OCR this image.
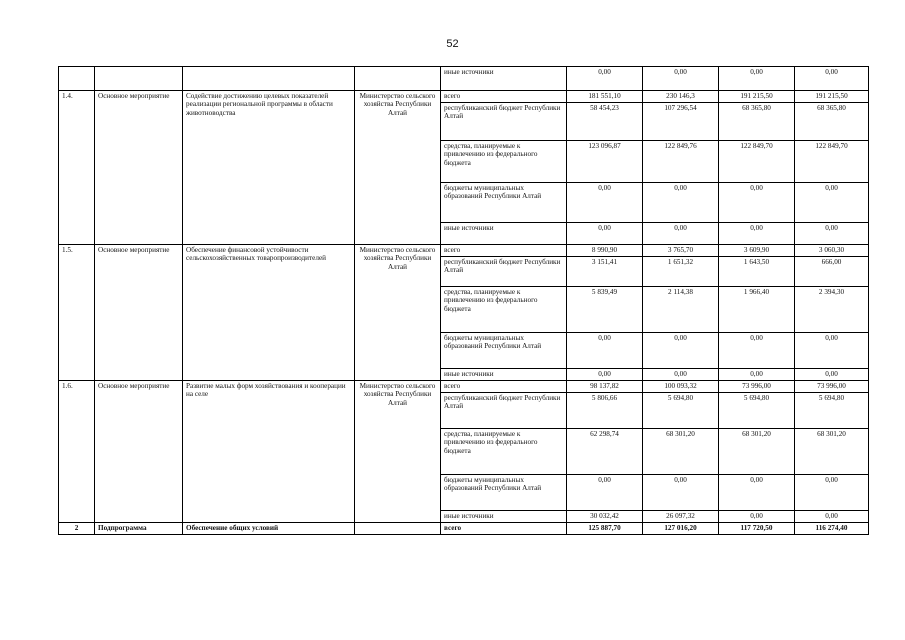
52
				иные источники	0,00	0,00	0,00	0,00
1.4.	Основное мероприятие	Содействие достижению целевых показателей реализации региональной программы в области животноводства	Министерство сельского хозяйства Республики Алтай	всего	181 551,10	230 146,3	191 215,50	191 215,50
				республиканский бюджет Республики Алтай	58 454,23	107 296,54	68 365,80	68 365,80
				средства, планируемые к привлечению из федерального бюджета	123 096,87	122 849,76	122 849,70	122 849,70
				бюджеты муниципальных образований Республики Алтай	0,00	0,00	0,00	0,00
				иные источники	0,00	0,00	0,00	0,00
1.5.	Основное мероприятие	Обеспечение финансовой устойчивости сельскохозяйственных товаропроизводителей	Министерство сельского хозяйства Республики Алтай	всего	8 990,90	3 765,70	3 609,90	3 060,30
				республиканский бюджет Республики Алтай	3 151,41	1 651,32	1 643,50	666,00
				средства, планируемые к привлечению из федерального бюджета	5 839,49	2 114,38	1 966,40	2 394,30
				бюджеты муниципальных образований Республики Алтай	0,00	0,00	0,00	0,00
				иные источники	0,00	0,00	0,00	0,00
1.6.	Основное мероприятие	Развитие малых форм хозяйствования и кооперации на селе	Министерство сельского хозяйства Республики Алтай	всего	98 137,82	100 093,32	73 996,00	73 996,00
				республиканский бюджет Республики Алтай	5 806,66	5 694,80	5 694,80	5 694,80
				средства, планируемые к привлечению из федерального бюджета	62 298,74	68 301,20	68 301,20	68 301,20
				бюджеты муниципальных образований Республики Алтай	0,00	0,00	0,00	0,00
				иные источники	30 032,42	26 097,32	0,00	0,00
2	Подпрограмма	Обеспечение общих условий		всего	125 887,70	127 016,20	117 720,50	116 274,40
